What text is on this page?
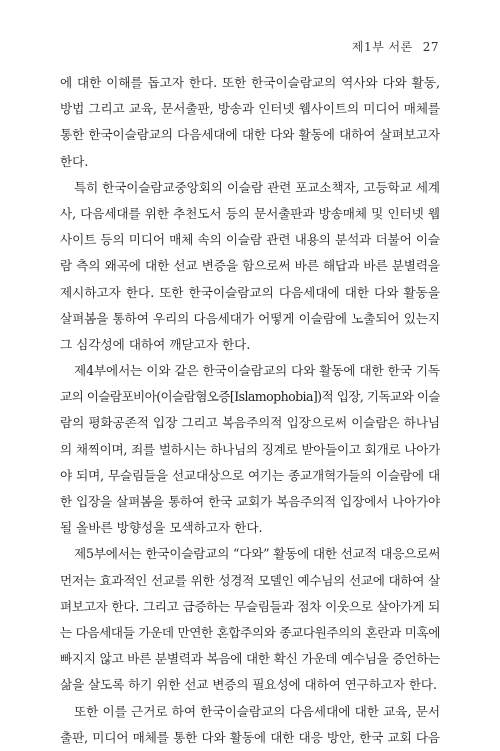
제1부 서론 27
에 대한 이해를 돕고자 한다. 또한 한국이슬람교의 역사와 다와 활동,
방법 그리고 교육, 문서출판, 방송과 인터넷 웹사이트의 미디어 매체를
통한 한국이슬람교의 다음세대에 대한 다와 활동에 대하여 살펴보고자
한다.
특히 한국이슬람교중앙회의 이슬람 관련 포교소책자, 고등학교 세계
사, 다음세대를 위한 추천도서 등의 문서출판과 방송매체 및 인터넷 웹
사이트 등의 미디어 매체 속의 이슬람 관련 내용의 분석과 더불어 이슬
람 측의 왜곡에 대한 선교 변증을 함으로써 바른 해답과 바른 분별력을
제시하고자 한다. 또한 한국이슬람교의 다음세대에 대한 다와 활동을
살펴봄을 통하여 우리의 다음세대가 어떻게 이슬람에 노출되어 있는지
그 심각성에 대하여 깨닫고자 한다.
제4부에서는 이와 같은 한국이슬람교의 다와 활동에 대한 한국 기독
교의 이슬람포비아(이슬람혐오증[Islamophobia])적 입장, 기독교와 이슬
람의 평화공존적 입장 그리고 복음주의적 입장으로써 이슬람은 하나님
의 채찍이며, 죄를 벌하시는 하나님의 징계로 받아들이고 회개로 나아가
야 되며, 무슬림들을 선교대상으로 여기는 종교개혁가들의 이슬람에 대
한 입장을 살펴봄을 통하여 한국 교회가 복음주의적 입장에서 나아가야
될 올바른 방향성을 모색하고자 한다.
제5부에서는 한국이슬람교의 “다와” 활동에 대한 선교적 대응으로써
먼저는 효과적인 선교를 위한 성경적 모델인 예수님의 선교에 대하여 살
펴보고자 한다. 그리고 급증하는 무슬림들과 점차 이웃으로 살아가게 되
는 다음세대들 가운데 만연한 혼합주의와 종교다원주의의 혼란과 미혹에
빠지지 않고 바른 분별력과 복음에 대한 확신 가운데 예수님을 증언하는
삶을 살도록 하기 위한 선교 변증의 필요성에 대하여 연구하고자 한다.
또한 이를 근거로 하여 한국이슬람교의 다음세대에 대한 교육, 문서
출판, 미디어 매체를 통한 다와 활동에 대한 대응 방안, 한국 교회 다음
